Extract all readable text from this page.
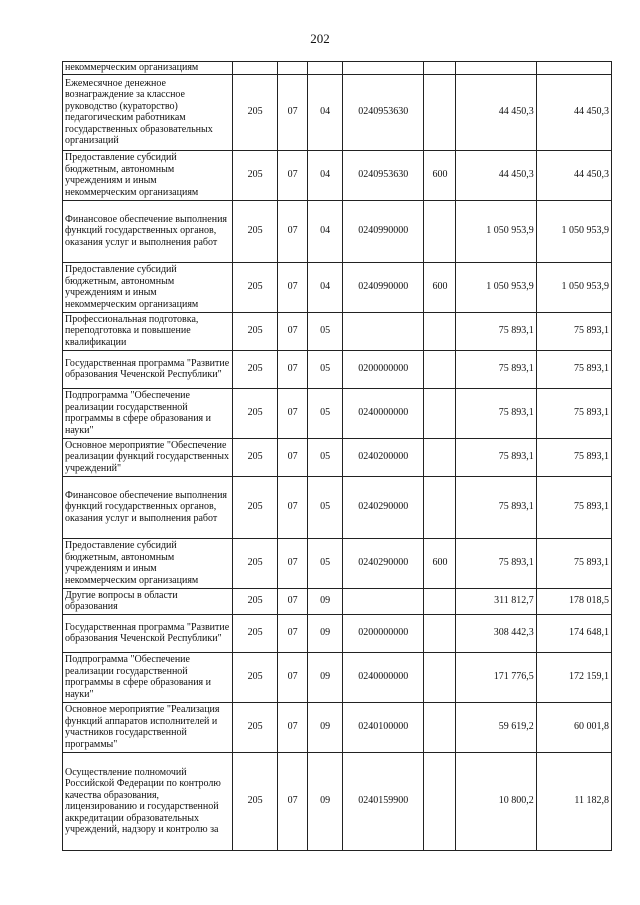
202
некоммерческим организациям							
Ежемесячное денежное вознаграждение за классное руководство (кураторство) педагогическим работникам государственных образовательных организаций	205	07	04	0240953630		44 450,3	44 450,3
Предоставление субсидий бюджетным, автономным учреждениям и иным некоммерческим организациям	205	07	04	0240953630	600	44 450,3	44 450,3
Финансовое обеспечение выполнения функций государственных органов, оказания услуг и выполнения работ	205	07	04	0240990000		1 050 953,9	1 050 953,9
Предоставление субсидий бюджетным, автономным учреждениям и иным некоммерческим организациям	205	07	04	0240990000	600	1 050 953,9	1 050 953,9
Профессиональная подготовка, переподготовка и повышение квалификации	205	07	05			75 893,1	75 893,1
Государственная программа "Развитие образования Чеченской Республики"	205	07	05	0200000000		75 893,1	75 893,1
Подпрограмма "Обеспечение реализации государственной программы в сфере образования и науки"	205	07	05	0240000000		75 893,1	75 893,1
Основное мероприятие "Обеспечение реализации функций государственных учреждений"	205	07	05	0240200000		75 893,1	75 893,1
Финансовое обеспечение выполнения функций государственных органов, оказания услуг и выполнения работ	205	07	05	0240290000		75 893,1	75 893,1
Предоставление субсидий бюджетным, автономным учреждениям и иным некоммерческим организациям	205	07	05	0240290000	600	75 893,1	75 893,1
Другие вопросы в области образования	205	07	09			311 812,7	178 018,5
Государственная программа "Развитие образования Чеченской Республики"	205	07	09	0200000000		308 442,3	174 648,1
Подпрограмма "Обеспечение реализации государственной программы в сфере образования и науки"	205	07	09	0240000000		171 776,5	172 159,1
Основное мероприятие "Реализация функций аппаратов исполнителей и участников государственной программы"	205	07	09	0240100000		59 619,2	60 001,8
Осуществление полномочий Российской Федерации по контролю качества образования, лицензированию и государственной аккредитации образовательных учреждений, надзору и контролю за	205	07	09	0240159900		10 800,2	11 182,8
